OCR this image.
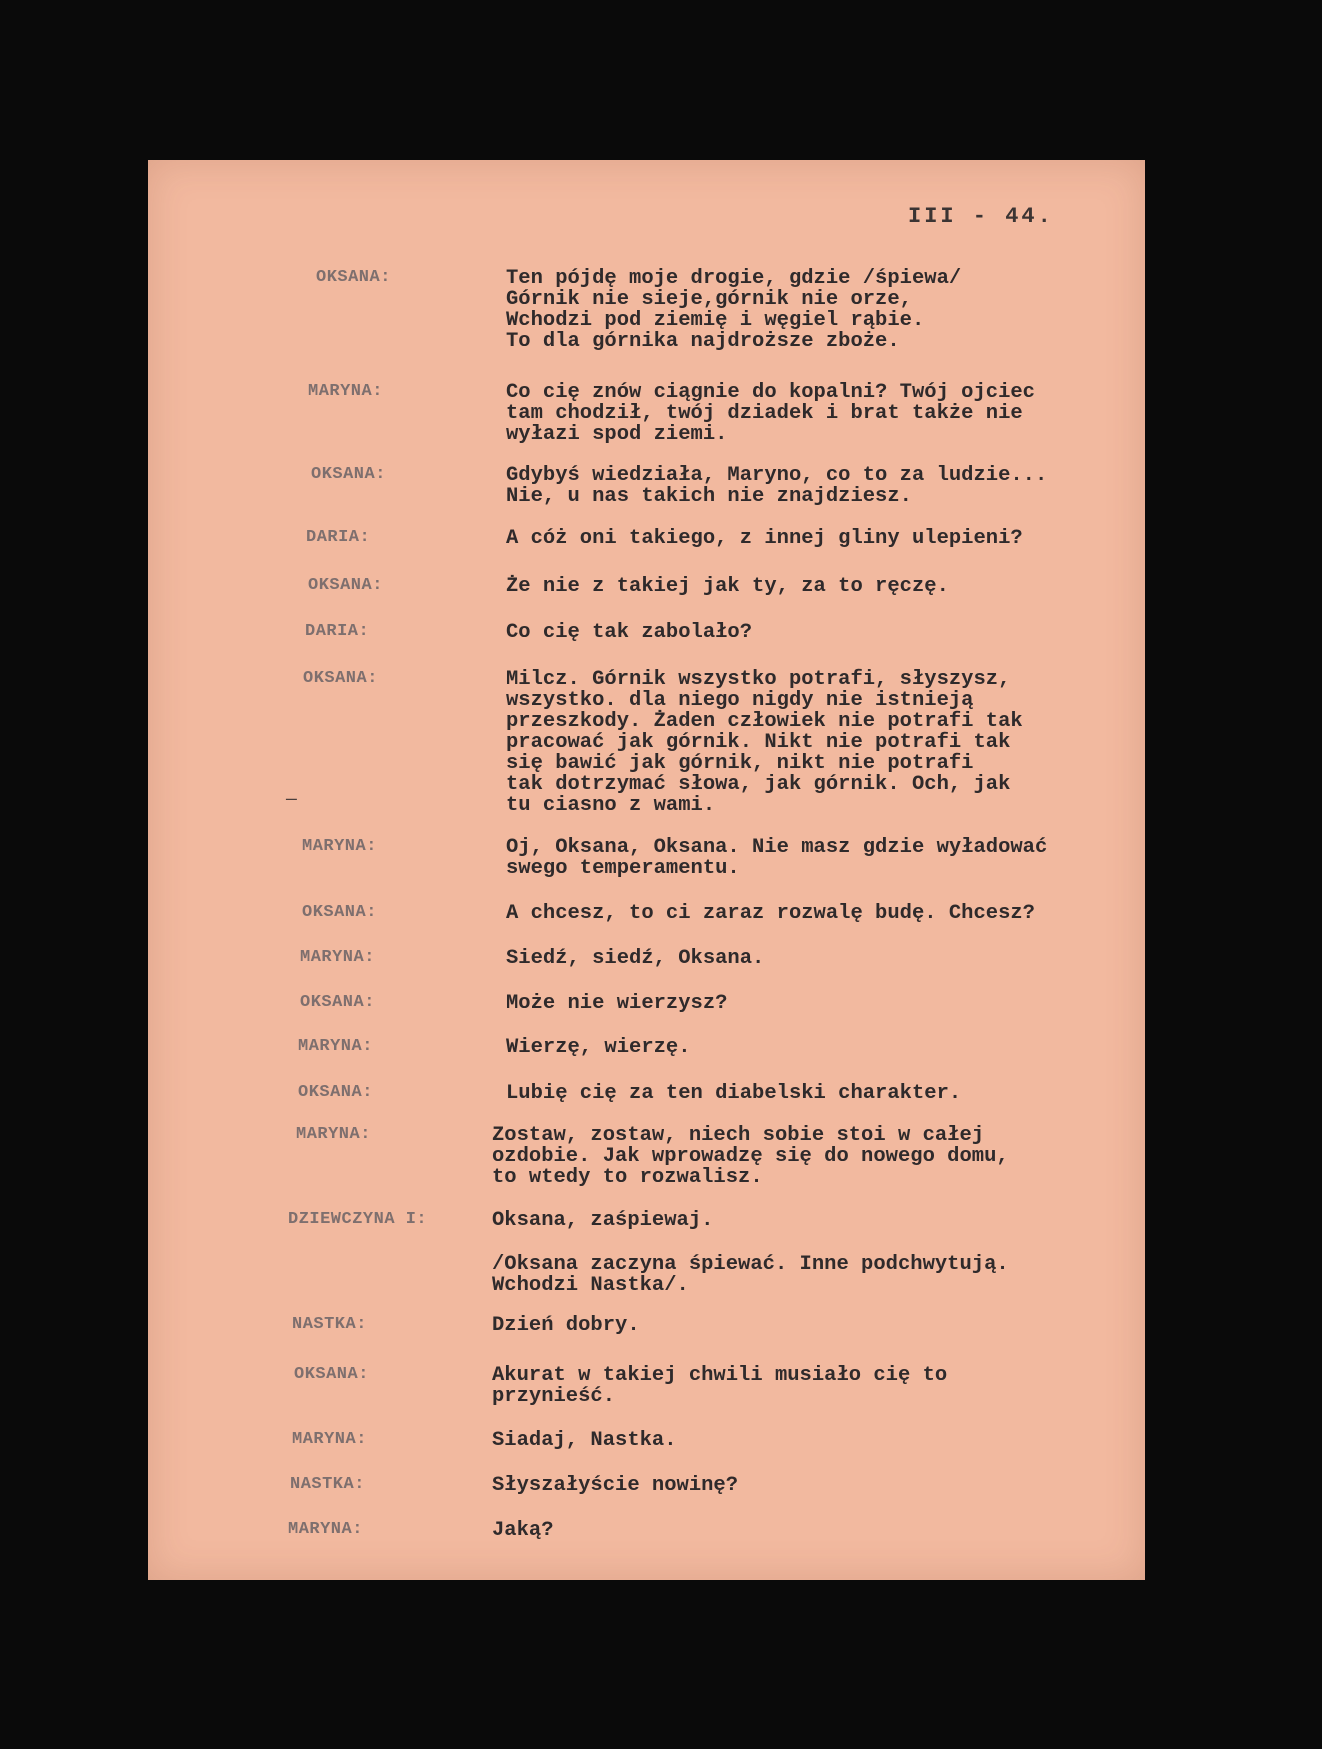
III - 44.

OKSANA:	Ten pójdę moje drogie, gdzie /śpiewa/
Górnik nie sieje,górnik nie orze,
Wchodzi pod ziemię i węgiel rąbie.
To dla górnika najdroższe zboże.

MARYNA:	Co cię znów ciągnie do kopalni? Twój ojciec
tam chodził, twój dziadek i brat także nie
wyłazi spod ziemi.

OKSANA:	Gdybyś wiedziała, Maryno, co to za ludzie...
Nie, u nas takich nie znajdziesz.

DARIA:	A cóż oni takiego, z innej gliny ulepieni?

OKSANA:	Że nie z takiej jak ty, za to ręczę.

DARIA:	Co cię tak zabolało?

OKSANA:	Milcz. Górnik wszystko potrafi, słyszysz,
wszystko. dla niego nigdy nie istnieją
przeszkody. Żaden człowiek nie potrafi tak
pracować jak górnik. Nikt nie potrafi tak
się bawić jak górnik, nikt nie potrafi
tak dotrzymać słowa, jak górnik. Och, jak
tu ciasno z wami.

MARYNA:	Oj, Oksana, Oksana. Nie masz gdzie wyładować
swego temperamentu.

OKSANA:	A chcesz, to ci zaraz rozwalę budę. Chcesz?

MARYNA:	Siedź, siedź, Oksana.

OKSANA:	Może nie wierzysz?

MARYNA:	Wierzę, wierzę.

OKSANA:	Lubię cię za ten diabelski charakter.

MARYNA:	Zostaw, zostaw, niech sobie stoi w całej
ozdobie. Jak wprowadzę się do nowego domu,
to wtedy to rozwalisz.

DZIEWCZYNA I:	Oksana, zaśpiewaj.

/Oksana zaczyna śpiewać. Inne podchwytują.
Wchodzi Nastka/.

NASTKA:	Dzień dobry.

OKSANA:	Akurat w takiej chwili musiało cię to
przynieść.

MARYNA:	Siadaj, Nastka.

NASTKA:	Słyszałyście nowinę?

MARYNA:	Jaką?

—
